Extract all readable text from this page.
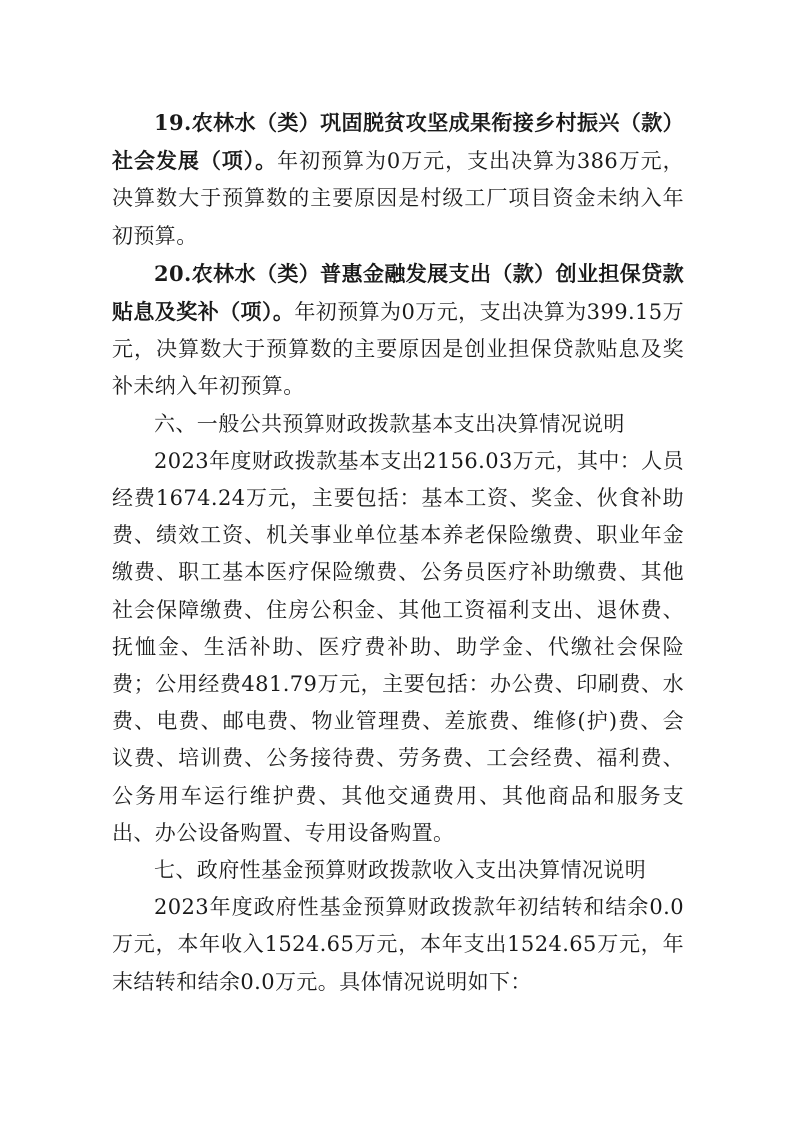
19.农林水（类）巩固脱贫攻坚成果衔接乡村振兴（款）社会发展（项）。年初预算为0万元，支出决算为386万元，决算数大于预算数的主要原因是村级工厂项目资金未纳入年初预算。

20.农林水（类）普惠金融发展支出（款）创业担保贷款贴息及奖补（项）。年初预算为0万元，支出决算为399.15万元，决算数大于预算数的主要原因是创业担保贷款贴息及奖补未纳入年初预算。

六、一般公共预算财政拨款基本支出决算情况说明

2023年度财政拨款基本支出2156.03万元，其中：人员经费1674.24万元，主要包括：基本工资、奖金、伙食补助费、绩效工资、机关事业单位基本养老保险缴费、职业年金缴费、职工基本医疗保险缴费、公务员医疗补助缴费、其他社会保障缴费、住房公积金、其他工资福利支出、退休费、抚恤金、生活补助、医疗费补助、助学金、代缴社会保险费；公用经费481.79万元，主要包括：办公费、印刷费、水费、电费、邮电费、物业管理费、差旅费、维修(护)费、会议费、培训费、公务接待费、劳务费、工会经费、福利费、公务用车运行维护费、其他交通费用、其他商品和服务支出、办公设备购置、专用设备购置。

七、政府性基金预算财政拨款收入支出决算情况说明

2023年度政府性基金预算财政拨款年初结转和结余0.0万元，本年收入1524.65万元，本年支出1524.65万元，年末结转和结余0.0万元。具体情况说明如下：
